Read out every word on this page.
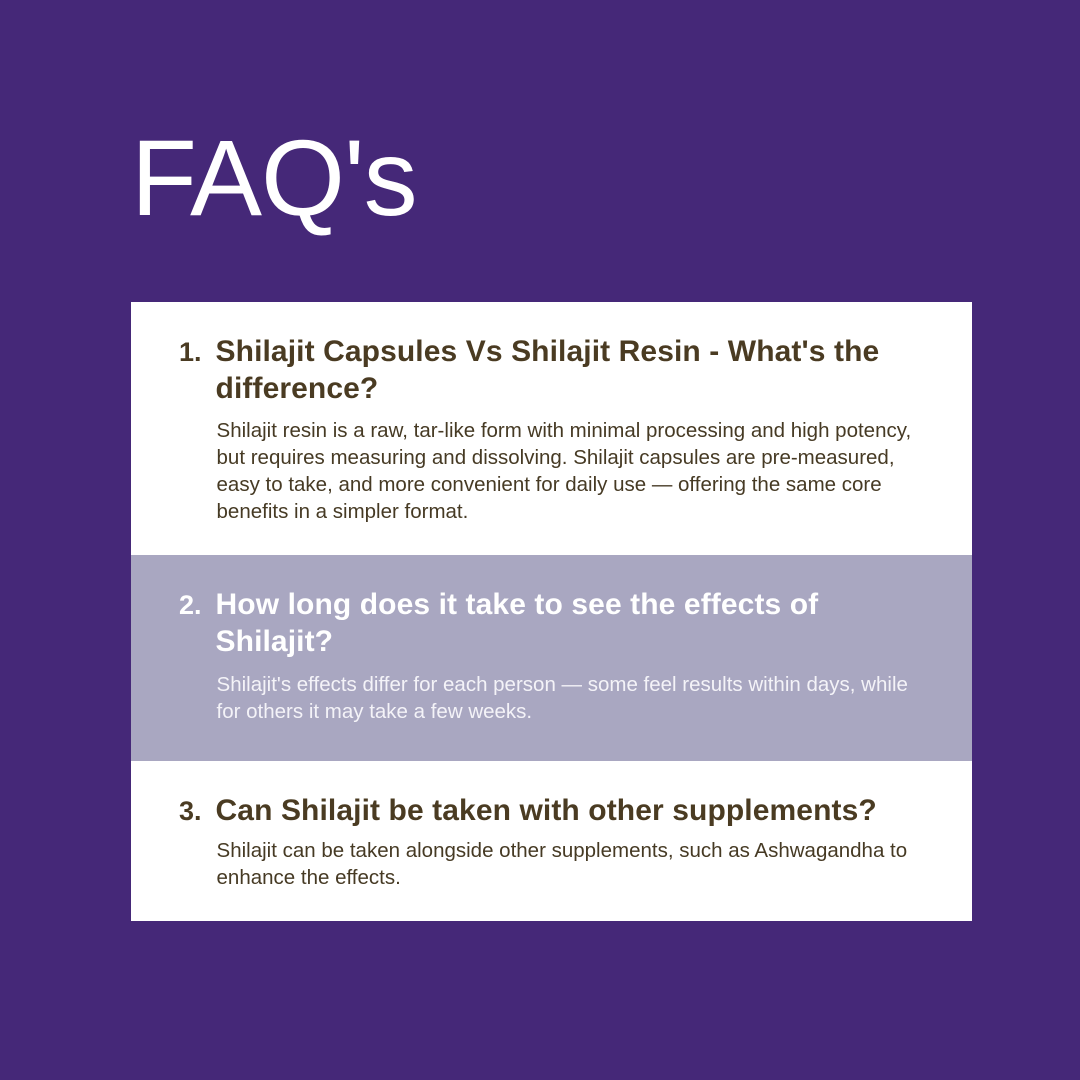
FAQ's
1. Shilajit Capsules Vs Shilajit Resin - What's the difference?

Shilajit resin is a raw, tar-like form with minimal processing and high potency, but requires measuring and dissolving. Shilajit capsules are pre-measured, easy to take, and more convenient for daily use — offering the same core benefits in a simpler format.

2. How long does it take to see the effects of Shilajit?

Shilajit's effects differ for each person — some feel results within days, while for others it may take a few weeks.

3. Can Shilajit be taken with other supplements?

Shilajit can be taken alongside other supplements, such as Ashwagandha to enhance the effects.
